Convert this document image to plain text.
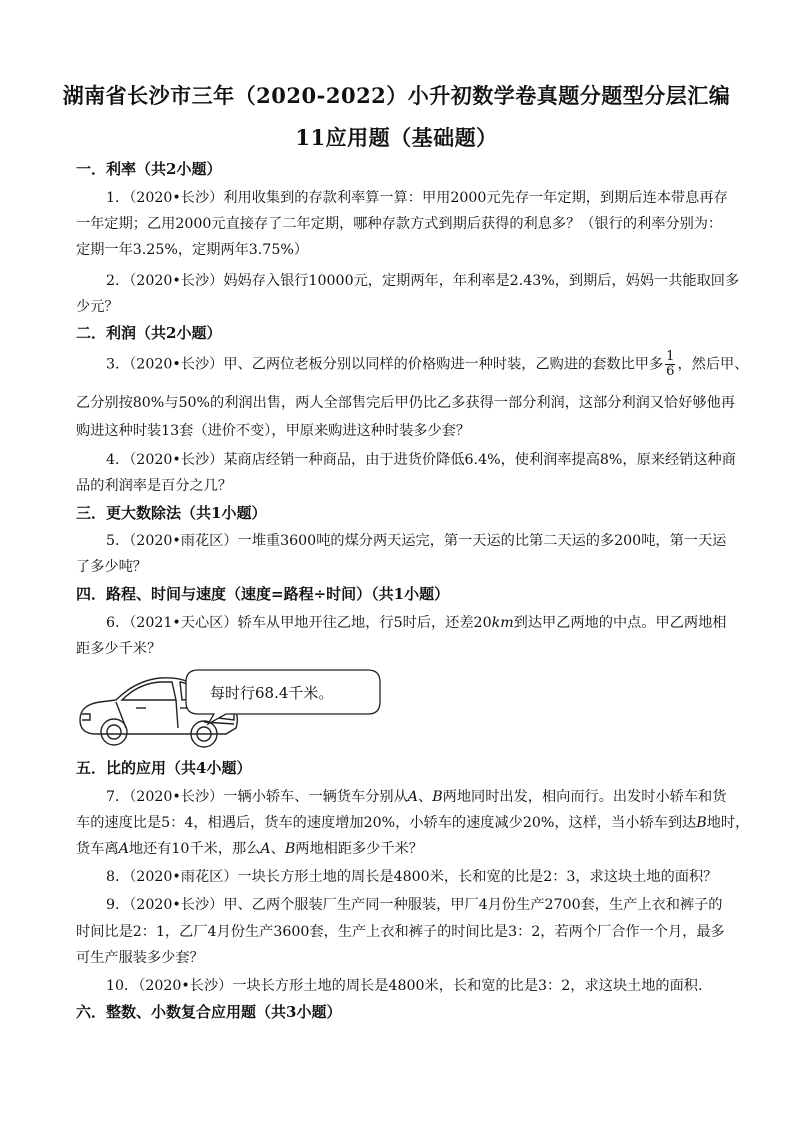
湖南省长沙市三年（2020-2022）小升初数学卷真题分题型分层汇编
11应用题（基础题）
一．利率（共2小题）
1．（2020•长沙）利用收集到的存款利率算一算：甲用2000元先存一年定期，到期后连本带息再存
一年定期；乙用2000元直接存了二年定期，哪种存款方式到期后获得的利息多？（银行的利率分别为：
定期一年3.25%，定期两年3.75%）
2．（2020•长沙）妈妈存入银行10000元，定期两年，年利率是2.43%，到期后，妈妈一共能取回多
少元？
二．利润（共2小题）
3．（2020•长沙）甲、乙两位老板分别以同样的价格购进一种时装，乙购进的套数比甲多 $\frac{1}{6}$ ，然后甲、
乙分别按80%与50%的利润出售，两人全部售完后甲仍比乙多获得一部分利润，这部分利润又恰好够他再
购进这种时装13套（进价不变），甲原来购进这种时装多少套？
4．（2020•长沙）某商店经销一种商品，由于进货价降低6.4%，使利润率提高8%，原来经销这种商
品的利润率是百分之几？
三．更大数除法（共1小题）
5．（2020•雨花区）一堆重3600吨的煤分两天运完，第一天运的比第二天运的多200吨，第一天运
了多少吨？
四．路程、时间与速度（速度=路程÷时间）（共1小题）
6．（2021•天心区）轿车从甲地开往乙地，行5时后，还差20km到达甲乙两地的中点。甲乙两地相
距多少千米？
每时行68.4千米。
五．比的应用（共4小题）
7．（2020•长沙）一辆小轿车、一辆货车分别从A、B两地同时出发，相向而行。出发时小轿车和货
车的速度比是5：4，相遇后，货车的速度增加20%，小轿车的速度减少20%，这样，当小轿车到达B地时，
货车离A地还有10千米，那么A、B两地相距多少千米？
8．（2020•雨花区）一块长方形土地的周长是4800米，长和宽的比是2：3，求这块土地的面积？
9．（2020•长沙）甲、乙两个服装厂生产同一种服装，甲厂4月份生产2700套，生产上衣和裤子的
时间比是2：1，乙厂4月份生产3600套，生产上衣和裤子的时间比是3：2，若两个厂合作一个月，最多
可生产服装多少套？
10．（2020•长沙）一块长方形土地的周长是4800米，长和宽的比是3：2，求这块土地的面积.
六．整数、小数复合应用题（共3小题）
